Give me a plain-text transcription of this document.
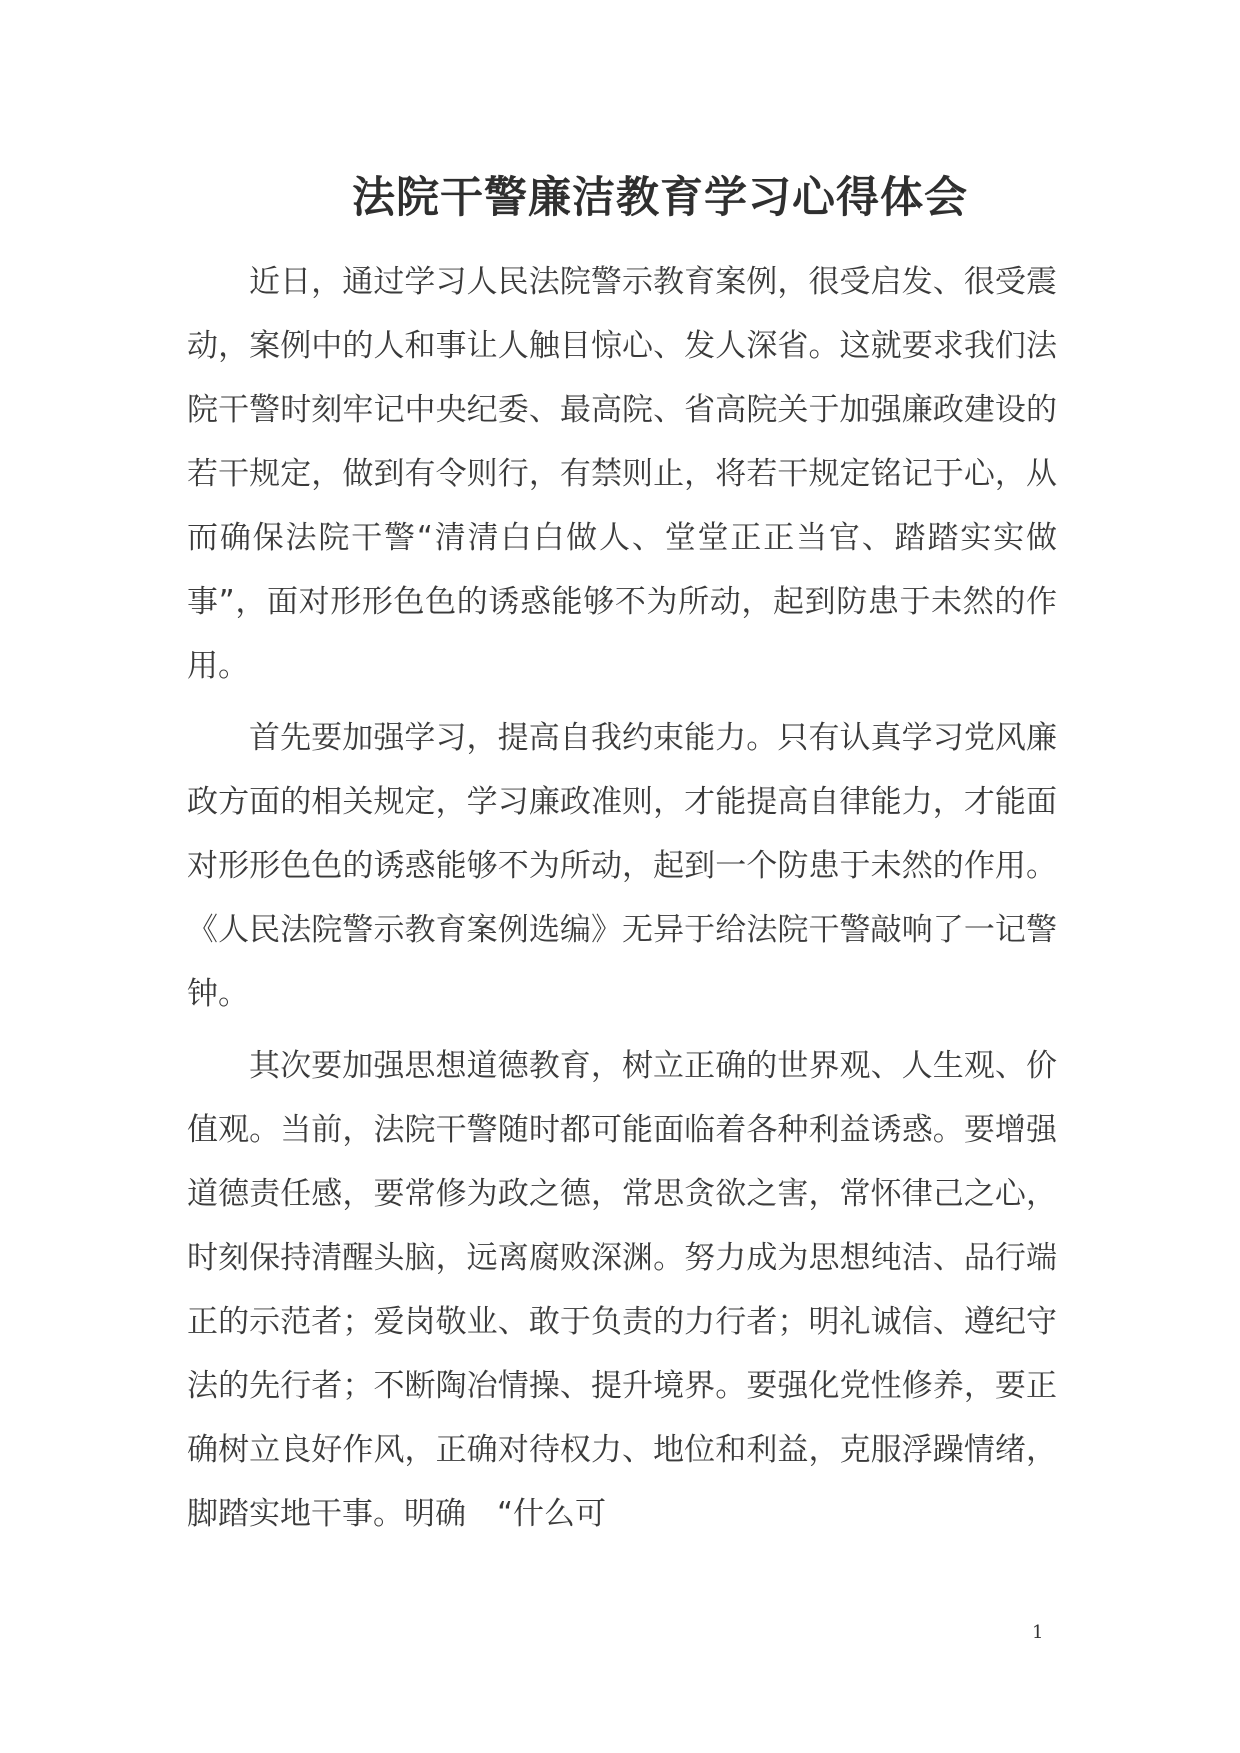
法院干警廉洁教育学习心得体会

近日，通过学习人民法院警示教育案例，很受启发、很受震动，案例中的人和事让人触目惊心、发人深省。这就要求我们法院干警时刻牢记中央纪委、最高院、省高院关于加强廉政建设的若干规定，做到有令则行，有禁则止，将若干规定铭记于心，从而确保法院干警“清清白白做人、堂堂正正当官、踏踏实实做事”，面对形形色色的诱惑能够不为所动，起到防患于未然的作用。

首先要加强学习，提高自我约束能力。只有认真学习党风廉政方面的相关规定，学习廉政准则，才能提高自律能力，才能面对形形色色的诱惑能够不为所动，起到一个防患于未然的作用。《人民法院警示教育案例选编》无异于给法院干警敲响了一记警钟。

其次要加强思想道德教育，树立正确的世界观、人生观、价值观。当前，法院干警随时都可能面临着各种利益诱惑。要增强道德责任感，要常修为政之德，常思贪欲之害，常怀律己之心，时刻保持清醒头脑，远离腐败深渊。努力成为思想纯洁、品行端正的示范者；爱岗敬业、敢于负责的力行者；明礼诚信、遵纪守法的先行者；不断陶冶情操、提升境界。要强化党性修养，要正确树立良好作风，正确对待权力、地位和利益，克服浮躁情绪，脚踏实地干事。明确　“什么可

1
